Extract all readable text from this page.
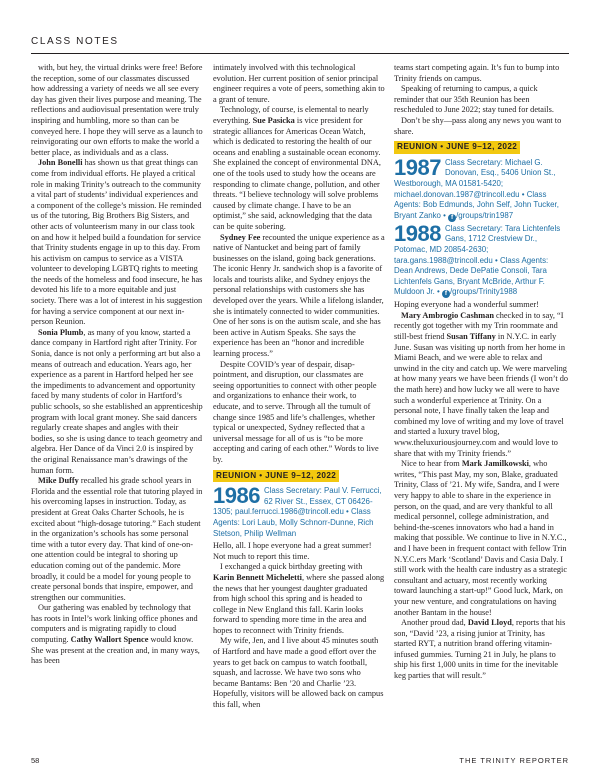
CLASS NOTES

with, but hey, the virtual drinks were free! Before the reception, some of our classmates discussed how addressing a variety of needs we all see every day has given their lives purpose and meaning. The reflections and audiovisual presentation were truly inspiring and humbling, more so than can be conveyed here. I hope they will serve as a launch to reinvigorating our own efforts to make the world a better place, as individuals and as a class.

John Bonelli has shown us that great things can come from individual efforts. He played a critical role in making Trinity’s outreach to the community a vital part of students’ individual experiences and a component of the college’s mission. He reminded us of the tutoring, Big Brothers Big Sisters, and other acts of volunteerism many in our class took on and how it helped build a foundation for service that Trinity students engage in up to this day. From his activism on campus to service as a VISTA volunteer to developing LGBTQ rights to meeting the needs of the homeless and food insecure, he has devoted his life to a more equitable and just society. There was a lot of interest in his suggestion for having a service component at our next in-person Reunion.

Sonia Plumb, as many of you know, started a dance company in Hartford right after Trinity. For Sonia, dance is not only a performing art but also a means of outreach and education. Years ago, her experience as a parent in Hartford helped her see the impediments to advancement and opportunity faced by many students of color in Hartford’s public schools, so she established an apprenticeship program with local grant money. She said dancers regularly create shapes and angles with their bodies, so she is using dance to teach geometry and algebra. Her Dance of da Vinci 2.0 is inspired by the original Renaissance man’s drawings of the human form.

Mike Duffy recalled his grade school years in Florida and the essential role that tutoring played in his overcoming lapses in instruction. Today, as president at Great Oaks Charter Schools, he is excited about “high-dosage tutoring.” Each student in the organization’s schools has some personal time with a tutor every day. That kind of one-on-one attention could be integral to shoring up education coming out of the pandemic. More broadly, it could be a model for young people to create personal bonds that inspire, empower, and strengthen our communities.

Our gathering was enabled by technology that has roots in Intel’s work linking office phones and computers and is migrating rapidly to cloud computing. Cathy Wallort Spence would know. She was present at the creation and, in many ways, has been

intimately involved with this technological evolution. Her current position of senior principal engineer requires a vote of peers, something akin to a grant of tenure.

Technology, of course, is elemental to nearly everything. Sue Pasicka is vice president for strategic alliances for Americas Ocean Watch, which is dedicated to restoring the health of our oceans and enabling a sustainable ocean economy. She explained the concept of environmental DNA, one of the tools used to study how the oceans are responding to climate change, pollution, and other threats. “I believe technology will solve problems caused by climate change. I have to be an optimist,” she said, acknowledging that the data can be quite sobering.

Sydney Fee recounted the unique experience as a native of Nantucket and being part of family businesses on the island, going back generations. The iconic Henry Jr. sandwich shop is a favorite of locals and tourists alike, and Sydney enjoys the personal relationships with customers she has developed over the years. While a lifelong islander, she is intimately connected to wider communities. One of her sons is on the autism scale, and she has been active in Autism Speaks. She says the experience has been an “honor and incredible learning process.”

Despite COVID’s year of despair, disappointment, and disruption, our classmates are seeing opportunities to connect with other people and organizations to enhance their work, to educate, and to serve. Through all the tumult of change since 1985 and life’s challenges, whether typical or unexpected, Sydney reflected that a universal message for all of us is “to be more accepting and caring of each other.” Words to live by.

REUNION • JUNE 9–12, 2022
1986 Class Secretary: Paul V. Ferrucci, 62 River St., Essex, CT 06426-1305; paul.ferrucci.1986@trincoll.edu • Class Agents: Lori Laub, Molly Schnorr-Dunne, Rich Stetson, Philip Wellman

Hello, all. I hope everyone had a great summer! Not much to report this time.

I exchanged a quick birthday greeting with Karin Bennett Micheletti, where she passed along the news that her youngest daughter graduated from high school this spring and is headed to college in New England this fall. Karin looks forward to spending more time in the area and hopes to reconnect with Trinity friends.

My wife, Jen, and I live about 45 minutes south of Hartford and have made a good effort over the years to get back on campus to watch football, squash, and lacrosse. We have two sons who became Bantams: Ben ’20 and Charlie ’23. Hopefully, visitors will be allowed back on campus this fall, when

teams start competing again. It’s fun to bump into Trinity friends on campus.

Speaking of returning to campus, a quick reminder that our 35th Reunion has been rescheduled to June 2022; stay tuned for details.

Don’t be shy—pass along any news you want to share.

REUNION • JUNE 9–12, 2022
1987 Class Secretary: Michael G. Donovan, Esq., 5406 Union St., Westborough, MA 01581-5420; michael.donovan.1987@trincoll.edu • Class Agents: Bob Edmunds, John Self, John Tucker, Bryant Zanko • f /groups/trin1987
1988 Class Secretary: Tara Lichtenfels Gans, 1712 Crestview Dr., Potomac, MD 20854-2630; tara.gans.1988@trincoll.edu • Class Agents: Dean Andrews, Dede DePatie Consoli, Tara Lichtenfels Gans, Bryant McBride, Arthur F. Muldoon Jr. • f /groups/Trinity1988

Hoping everyone had a wonderful summer!

Mary Ambrogio Cashman checked in to say, “I recently got together with my Trin roommate and still-best friend Susan Tiffany in N.Y.C. in early June. Susan was visiting up north from her home in Miami Beach, and we were able to relax and unwind in the city and catch up. We were marveling at how many years we have been friends (I won’t do the math here) and how lucky we all were to have such a wonderful experience at Trinity. On a personal note, I have finally taken the leap and combined my love of writing and my love of travel and started a luxury travel blog, www.theluxuriousjourney.com and would love to share that with my Trinity friends.”

Nice to hear from Mark Jamilkowski, who writes, “This past May, my son, Blake, graduated Trinity, Class of ’21. My wife, Sandra, and I were very happy to able to share in the experience in person, on the quad, and are very thankful to all medical personnel, college administration, and behind-the-scenes innovators who had a hand in making that possible. We continue to live in N.Y.C., and I have been in frequent contact with fellow Trin N.Y.C.ers Mark ‘Scotland’ Davis and Casia Daly. I still work with the health care industry as a strategic consultant and actuary, most recently working toward launching a start-up!” Good luck, Mark, on your new venture, and congratulations on having another Bantam in the house!

Another proud dad, David Lloyd, reports that his son, “David ’23, a rising junior at Trinity, has started RYT, a nutrition brand offering vitamin-infused gummies. Turning 21 in July, he plans to ship his first 1,000 units in time for the inevitable keg parties that will result.”

58	THE TRINITY REPORTER
